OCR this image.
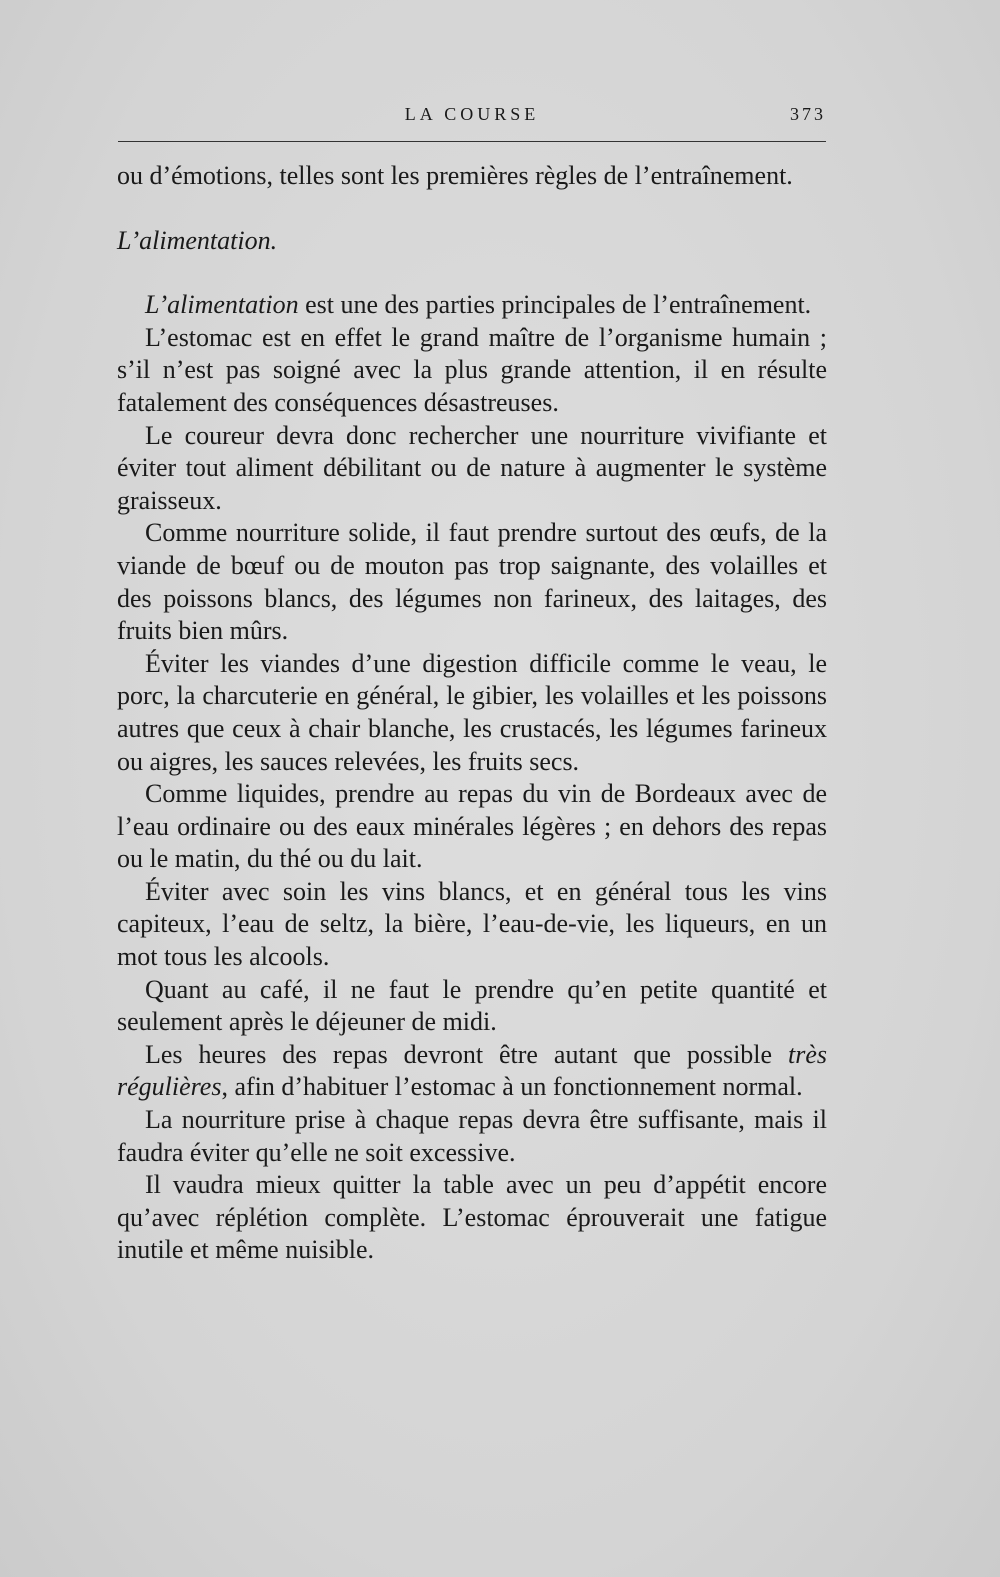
LA COURSE	373

ou d’émotions, telles sont les premières règles de l’entraînement.

L’alimentation.

L’alimentation est une des parties principales de l’entraînement.

L’estomac est en effet le grand maître de l’organisme humain ; s’il n’est pas soigné avec la plus grande attention, il en résulte fatalement des conséquences désastreuses.

Le coureur devra donc rechercher une nourriture vivifiante et éviter tout aliment débilitant ou de nature à augmenter le système graisseux.

Comme nourriture solide, il faut prendre surtout des œufs, de la viande de bœuf ou de mouton pas trop saignante, des volailles et des poissons blancs, des légumes non farineux, des laitages, des fruits bien mûrs.

Éviter les viandes d’une digestion difficile comme le veau, le porc, la charcuterie en général, le gibier, les volailles et les poissons autres que ceux à chair blanche, les crustacés, les légumes farineux ou aigres, les sauces relevées, les fruits secs.

Comme liquides, prendre au repas du vin de Bordeaux avec de l’eau ordinaire ou des eaux minérales légères ; en dehors des repas ou le matin, du thé ou du lait.

Éviter avec soin les vins blancs, et en général tous les vins capiteux, l’eau de seltz, la bière, l’eau-de-vie, les liqueurs, en un mot tous les alcools.

Quant au café, il ne faut le prendre qu’en petite quantité et seulement après le déjeuner de midi.

Les heures des repas devront être autant que possible très régulières, afin d’habituer l’estomac à un fonctionnement normal.

La nourriture prise à chaque repas devra être suffisante, mais il faudra éviter qu’elle ne soit excessive.

Il vaudra mieux quitter la table avec un peu d’appétit encore qu’avec réplétion complète. L’estomac éprouverait une fatigue inutile et même nuisible.
